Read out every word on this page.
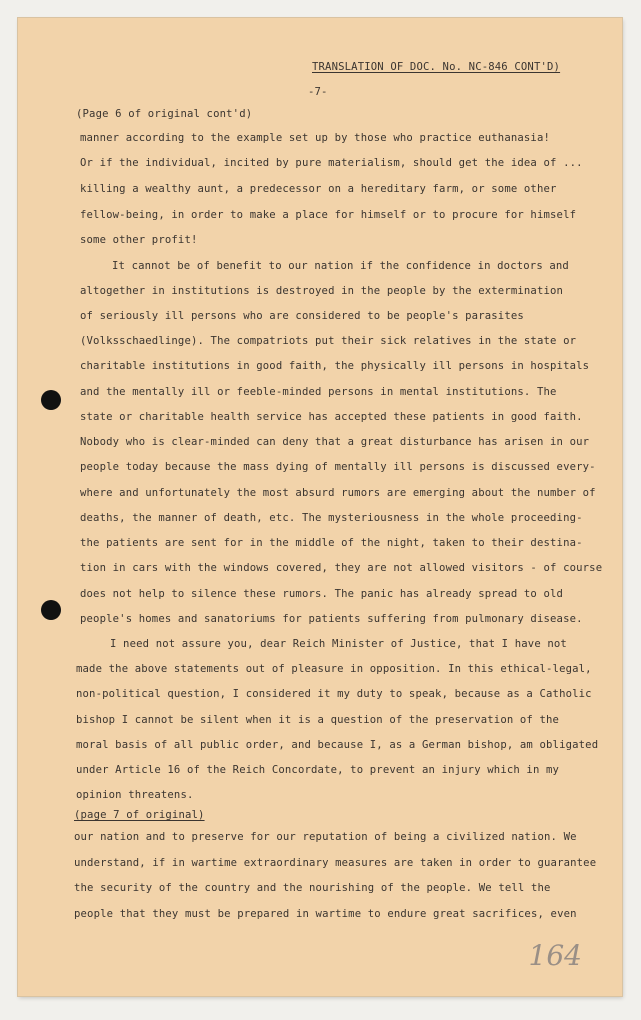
TRANSLATION OF DOC. No. NC-846 CONT'D)
-7-
(Page 6 of original cont'd)
manner according to the example set up by those who practice euthanasia!
Or if the individual, incited by pure materialism, should get the idea of ...
killing a wealthy aunt, a predecessor on a hereditary farm, or some other
fellow-being, in order to make a place for himself or to procure for himself
some other profit!
It cannot be of benefit to our nation if the confidence in doctors and
altogether in institutions is destroyed in the people by the extermination
of seriously ill persons who are considered to be people's parasites
(Volksschaedlinge). The compatriots put their sick relatives in the state or
charitable institutions in good faith, the physically ill persons in hospitals
and the mentally ill or feeble-minded persons in mental institutions. The
state or charitable health service has accepted these patients in good faith.
Nobody who is clear-minded can deny that a great disturbance has arisen in our
people today because the mass dying of mentally ill persons is discussed every-
where and unfortunately the most absurd rumors are emerging about the number of
deaths, the manner of death, etc. The mysteriousness in the whole proceeding-
the patients are sent for in the middle of the night, taken to their destina-
tion in cars with the windows covered, they are not allowed visitors - of course
does not help to silence these rumors. The panic has already spread to old
people's homes and sanatoriums for patients suffering from pulmonary disease.
I need not assure you, dear Reich Minister of Justice, that I have not
made the above statements out of pleasure in opposition. In this ethical-legal,
non-political question, I considered it my duty to speak, because as a Catholic
bishop I cannot be silent when it is a question of the preservation of the
moral basis of all public order, and because I, as a German bishop, am obligated
under Article 16 of the Reich Concordate, to prevent an injury which in my
opinion threatens.
(page 7 of original)
our nation and to preserve for our reputation of being a civilized nation. We
understand, if in wartime extraordinary measures are taken in order to guarantee
the security of the country and the nourishing of the people. We tell the
people that they must be prepared in wartime to endure great sacrifices, even
164
